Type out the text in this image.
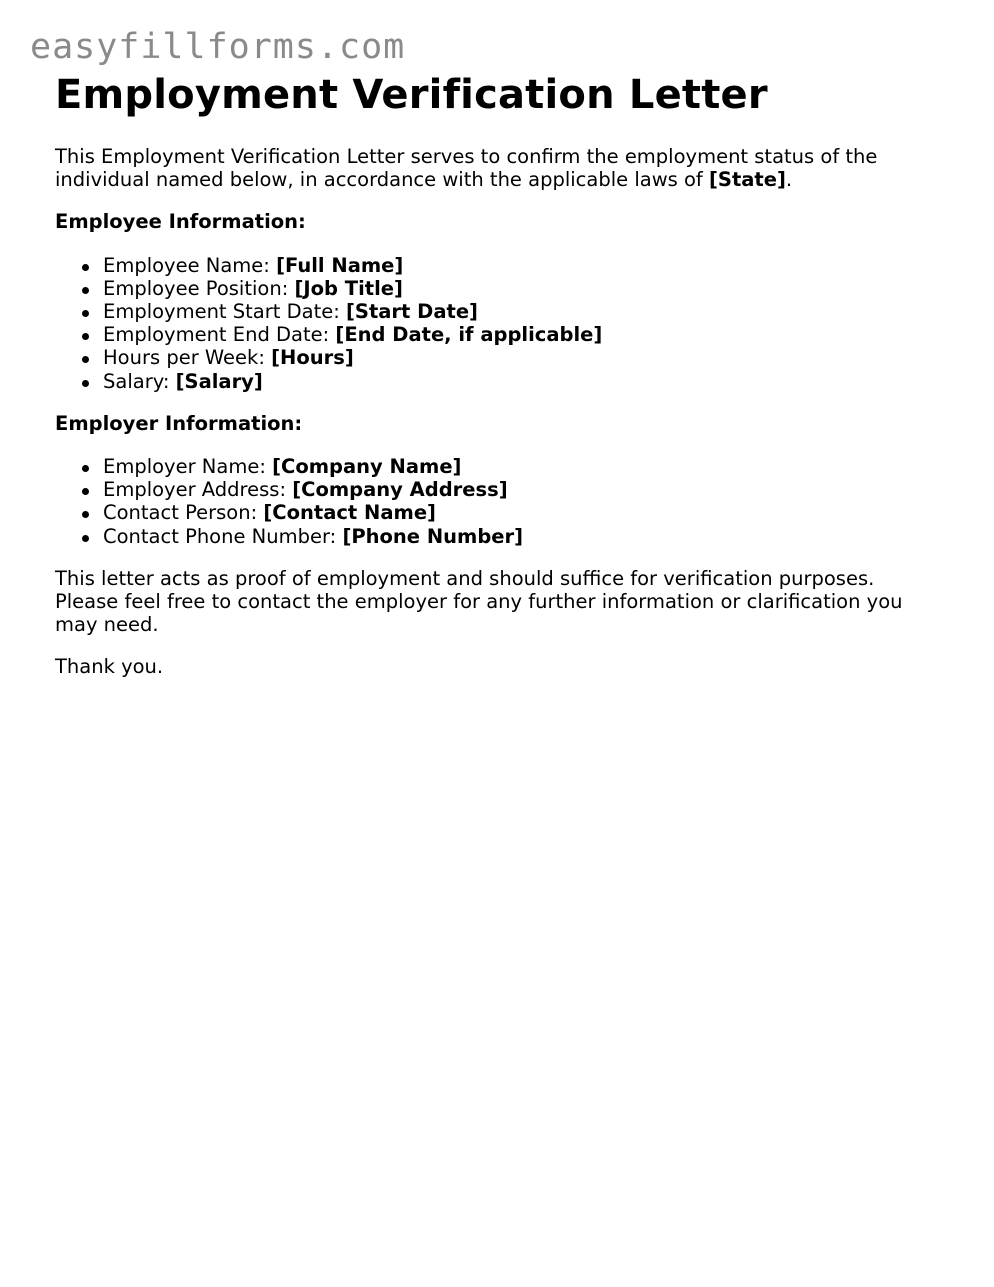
easyfillforms.com
Employment Verification Letter

This Employment Verification Letter serves to confirm the employment status of the individual named below, in accordance with the applicable laws of [State].

Employee Information:
Employee Name: [Full Name]
Employee Position: [Job Title]
Employment Start Date: [Start Date]
Employment End Date: [End Date, if applicable]
Hours per Week: [Hours]
Salary: [Salary]
Employer Information:
Employer Name: [Company Name]
Employer Address: [Company Address]
Contact Person: [Contact Name]
Contact Phone Number: [Phone Number]

This letter acts as proof of employment and should suffice for verification purposes. Please feel free to contact the employer for any further information or clarification you may need.

Thank you.
